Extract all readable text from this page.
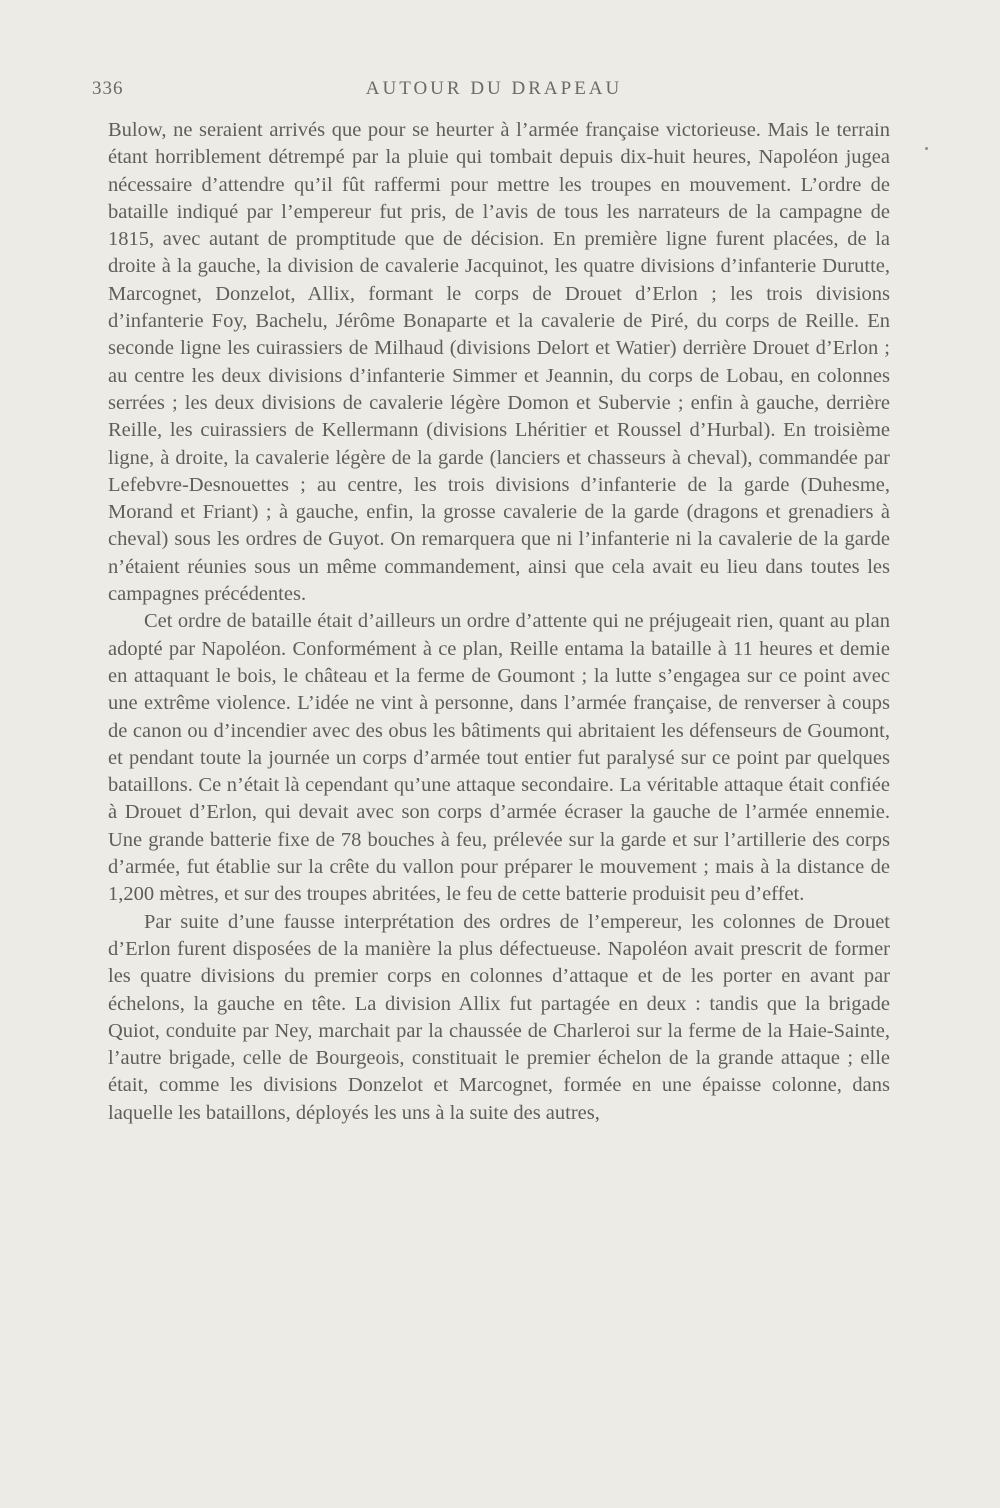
336	AUTOUR DU DRAPEAU

Bulow, ne seraient arrivés que pour se heurter à l’armée française victorieuse. Mais le terrain étant horriblement détrempé par la pluie qui tombait depuis dix-huit heures, Napoléon jugea nécessaire d’attendre qu’il fût raffermi pour mettre les troupes en mouvement. L’ordre de bataille indiqué par l’empereur fut pris, de l’avis de tous les narrateurs de la campagne de 1815, avec autant de promptitude que de décision. En première ligne furent placées, de la droite à la gauche, la division de cavalerie Jacquinot, les quatre divisions d’infanterie Durutte, Marcognet, Donzelot, Allix, formant le corps de Drouet d’Erlon ; les trois divisions d’infanterie Foy, Bachelu, Jérôme Bonaparte et la cavalerie de Piré, du corps de Reille. En seconde ligne les cuirassiers de Milhaud (divisions Delort et Watier) derrière Drouet d’Erlon ; au centre les deux divisions d’infanterie Simmer et Jeannin, du corps de Lobau, en colonnes serrées ; les deux divisions de cavalerie légère Domon et Subervie ; enfin à gauche, derrière Reille, les cuirassiers de Kellermann (divisions Lhéritier et Roussel d’Hurbal). En troisième ligne, à droite, la cavalerie légère de la garde (lanciers et chasseurs à cheval), commandée par Lefebvre-Desnouettes ; au centre, les trois divisions d’infanterie de la garde (Duhesme, Morand et Friant) ; à gauche, enfin, la grosse cavalerie de la garde (dragons et grenadiers à cheval) sous les ordres de Guyot. On remarquera que ni l’infanterie ni la cavalerie de la garde n’étaient réunies sous un même commandement, ainsi que cela avait eu lieu dans toutes les campagnes précédentes.

Cet ordre de bataille était d’ailleurs un ordre d’attente qui ne préjugeait rien, quant au plan adopté par Napoléon. Conformément à ce plan, Reille entama la bataille à 11 heures et demie en attaquant le bois, le château et la ferme de Goumont ; la lutte s’engagea sur ce point avec une extrême violence. L’idée ne vint à personne, dans l’armée française, de renverser à coups de canon ou d’incendier avec des obus les bâtiments qui abritaient les défenseurs de Goumont, et pendant toute la journée un corps d’armée tout entier fut paralysé sur ce point par quelques bataillons. Ce n’était là cependant qu’une attaque secondaire. La véritable attaque était confiée à Drouet d’Erlon, qui devait avec son corps d’armée écraser la gauche de l’armée ennemie. Une grande batterie fixe de 78 bouches à feu, prélevée sur la garde et sur l’artillerie des corps d’armée, fut établie sur la crête du vallon pour préparer le mouvement ; mais à la distance de 1,200 mètres, et sur des troupes abritées, le feu de cette batterie produisit peu d’effet.

Par suite d’une fausse interprétation des ordres de l’empereur, les colonnes de Drouet d’Erlon furent disposées de la manière la plus défectueuse. Napoléon avait prescrit de former les quatre divisions du premier corps en colonnes d’attaque et de les porter en avant par échelons, la gauche en tête. La division Allix fut partagée en deux : tandis que la brigade Quiot, conduite par Ney, marchait par la chaussée de Charleroi sur la ferme de la Haie-Sainte, l’autre brigade, celle de Bourgeois, constituait le premier échelon de la grande attaque ; elle était, comme les divisions Donzelot et Marcognet, formée en une épaisse colonne, dans laquelle les bataillons, déployés les uns à la suite des autres,
